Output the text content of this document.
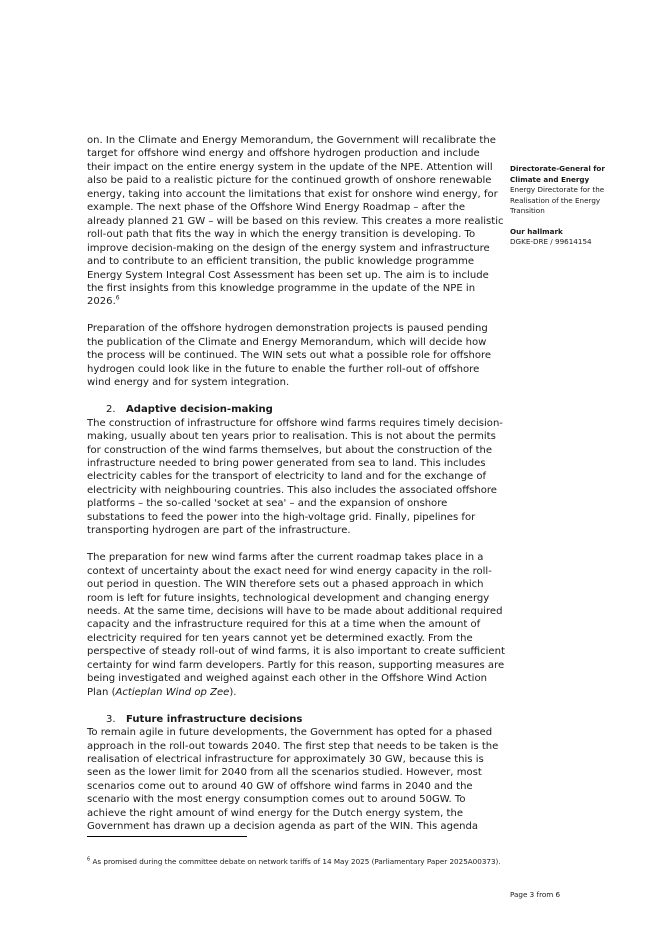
on. In the Climate and Energy Memorandum, the Government will recalibrate the target for offshore wind energy and offshore hydrogen production and include their impact on the entire energy system in the update of the NPE. Attention will also be paid to a realistic picture for the continued growth of onshore renewable energy, taking into account the limitations that exist for onshore wind energy, for example. The next phase of the Offshore Wind Energy Roadmap – after the already planned 21 GW – will be based on this review. This creates a more realistic roll-out path that fits the way in which the energy transition is developing. To improve decision-making on the design of the energy system and infrastructure and to contribute to an efficient transition, the public knowledge programme Energy System Integral Cost Assessment has been set up. The aim is to include the first insights from this knowledge programme in the update of the NPE in 2026.$^6$

Preparation of the offshore hydrogen demonstration projects is paused pending the publication of the Climate and Energy Memorandum, which will decide how the process will be continued. The WIN sets out what a possible role for offshore hydrogen could look like in the future to enable the further roll-out of offshore wind energy and for system integration.

2. Adaptive decision-making

The construction of infrastructure for offshore wind farms requires timely decision-making, usually about ten years prior to realisation. This is not about the permits for construction of the wind farms themselves, but about the construction of the infrastructure needed to bring power generated from sea to land. This includes electricity cables for the transport of electricity to land and for the exchange of electricity with neighbouring countries. This also includes the associated offshore platforms – the so-called 'socket at sea' – and the expansion of onshore substations to feed the power into the high-voltage grid. Finally, pipelines for transporting hydrogen are part of the infrastructure.

The preparation for new wind farms after the current roadmap takes place in a context of uncertainty about the exact need for wind energy capacity in the roll-out period in question. The WIN therefore sets out a phased approach in which room is left for future insights, technological development and changing energy needs. At the same time, decisions will have to be made about additional required capacity and the infrastructure required for this at a time when the amount of electricity required for ten years cannot yet be determined exactly. From the perspective of steady roll-out of wind farms, it is also important to create sufficient certainty for wind farm developers. Partly for this reason, supporting measures are being investigated and weighed against each other in the Offshore Wind Action Plan (Actieplan Wind op Zee).

3. Future infrastructure decisions

To remain agile in future developments, the Government has opted for a phased approach in the roll-out towards 2040. The first step that needs to be taken is the realisation of electrical infrastructure for approximately 30 GW, because this is seen as the lower limit for 2040 from all the scenarios studied. However, most scenarios come out to around 40 GW of offshore wind farms in 2040 and the scenario with the most energy consumption comes out to around 50GW. To achieve the right amount of wind energy for the Dutch energy system, the Government has drawn up a decision agenda as part of the WIN. This agenda

Directorate-General for Climate and Energy
Energy Directorate for the Realisation of the Energy Transition
Our hallmark
DGKE-DRE / 99614154
$^6$ As promised during the committee debate on network tariffs of 14 May 2025 (Parliamentary Paper 2025A00373).
Page 3 from 6
